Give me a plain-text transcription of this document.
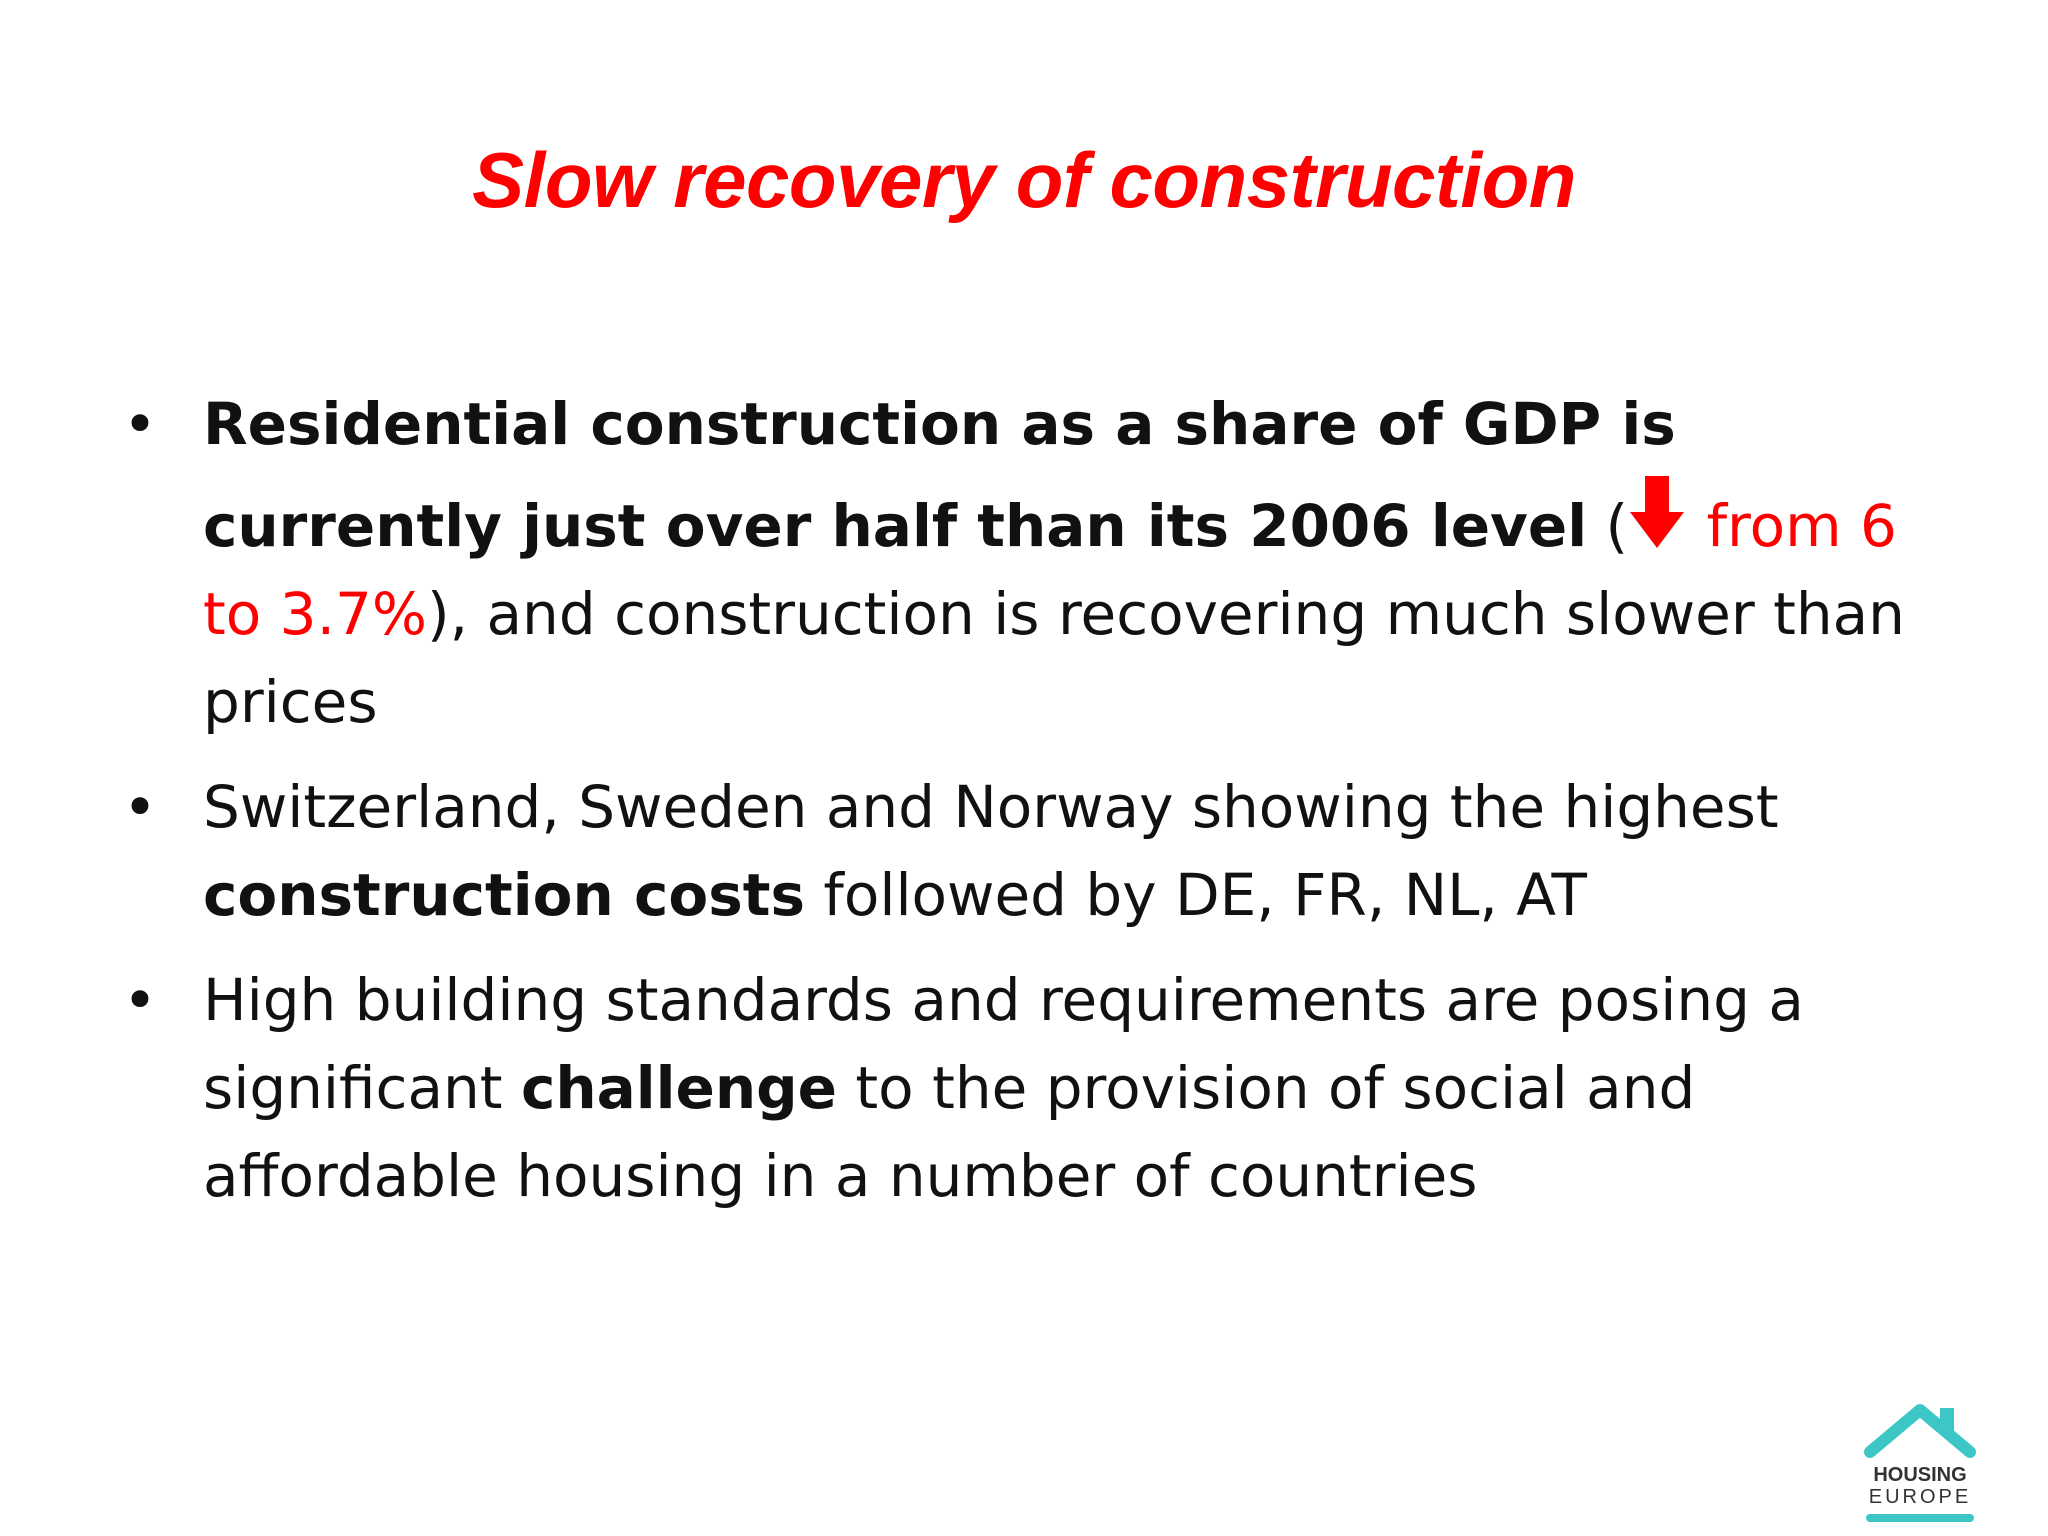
Slow recovery of construction
• Residential construction as a share of GDP is currently just over half than its 2006 level ( from 6 to 3.7%), and construction is recovering much slower than prices
• Switzerland, Sweden and Norway showing the highest construction costs followed by DE, FR, NL, AT
• High building standards and requirements are posing a significant challenge to the provision of social and affordable housing in a number of countries
HOUSING
EUROPE
